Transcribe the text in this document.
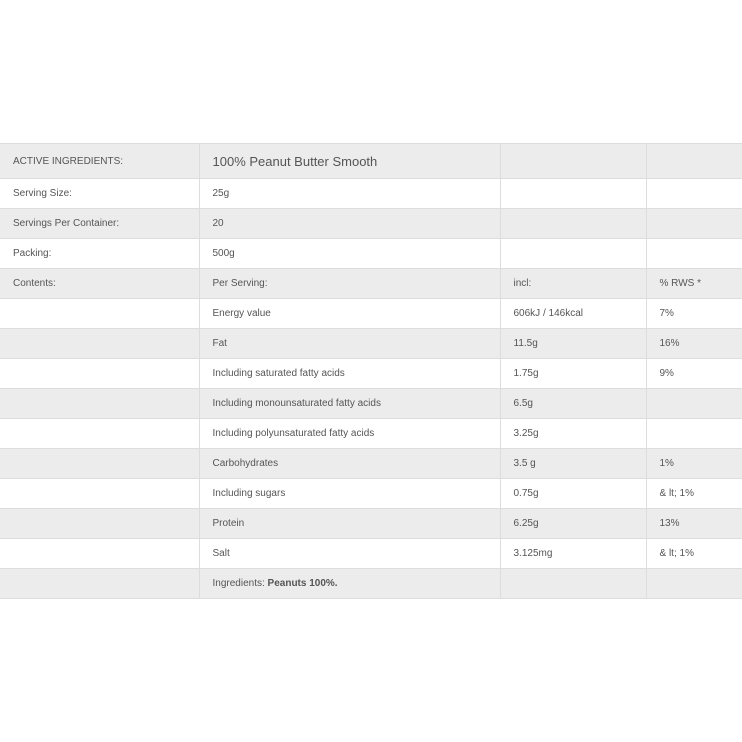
ACTIVE INGREDIENTS:	100% Peanut Butter Smooth		
Serving Size:	25g		
Servings Per Container:	20		
Packing:	500g		
Contents:	Per Serving:	incl:	% RWS *
	Energy value	606kJ / 146kcal	7%
	Fat	11.5g	16%
	Including saturated fatty acids	1.75g	9%
	Including monounsaturated fatty acids	6.5g	
	Including polyunsaturated fatty acids	3.25g	
	Carbohydrates	3.5 g	1%
	Including sugars	0.75g	& lt; 1%
	Protein	6.25g	13%
	Salt	3.125mg	& lt; 1%
	Ingredients: Peanuts 100%.		
